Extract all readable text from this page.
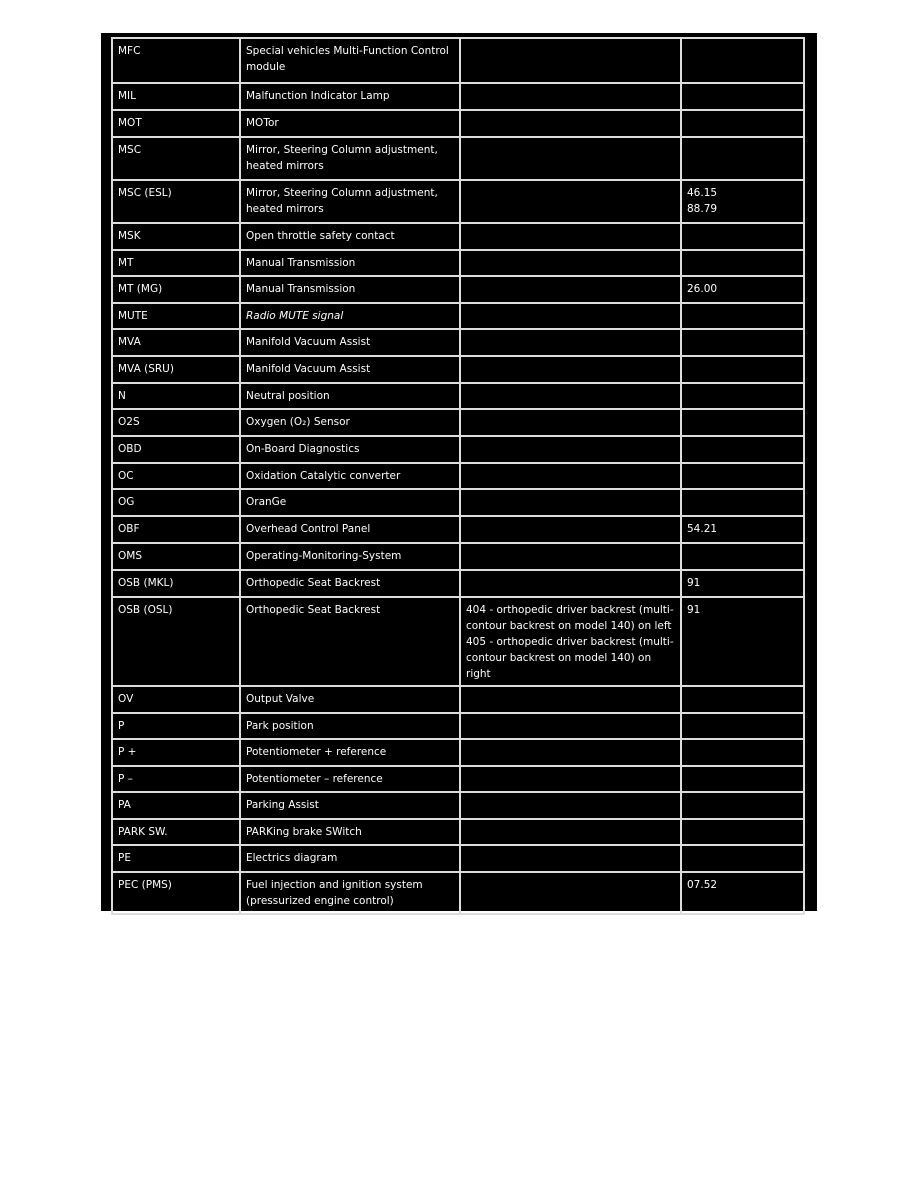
MFC	Special vehicles Multi-Function Control
module		
MIL	Malfunction Indicator Lamp		
MOT	MOTor		
MSC	Mirror, Steering Column adjustment,
heated mirrors		
MSC (ESL)	Mirror, Steering Column adjustment,
heated mirrors		46.15
88.79
MSK	Open throttle safety contact		
MT	Manual Transmission		
MT (MG)	Manual Transmission		26.00
MUTE	Radio MUTE signal		
MVA	Manifold Vacuum Assist		
MVA (SRU)	Manifold Vacuum Assist		
N	Neutral position		
O2S	Oxygen (O₂) Sensor		
OBD	On-Board Diagnostics		
OC	Oxidation Catalytic converter		
OG	OranGe		
OBF	Overhead Control Panel		54.21
OMS	Operating-Monitoring-System		
OSB (MKL)	Orthopedic Seat Backrest		91
OSB (OSL)	Orthopedic Seat Backrest	404 - orthopedic driver backrest (multi-
contour backrest on model 140) on left
405 - orthopedic driver backrest (multi-
contour backrest on model 140) on right	91
OV	Output Valve		
P	Park position		
P +	Potentiometer + reference		
P –	Potentiometer – reference		
PA	Parking Assist		
PARK SW.	PARKing brake SWitch		
PE	Electrics diagram		
PEC (PMS)	Fuel injection and ignition system
(pressurized engine control)		07.52
